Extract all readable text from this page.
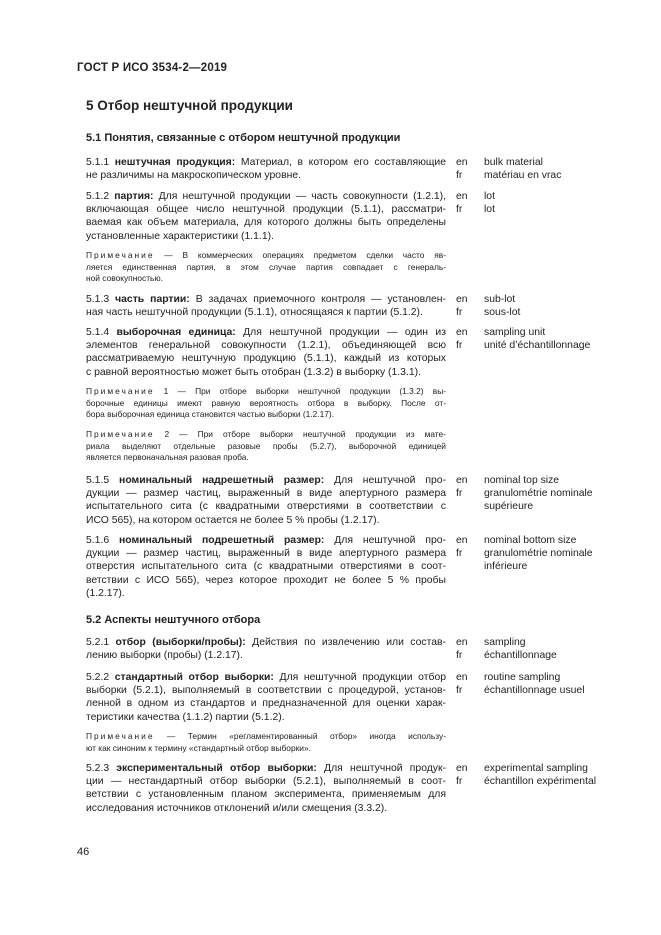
ГОСТ Р ИСО 3534-2—2019
5 Отбор нештучной продукции
5.1 Понятия, связанные с отбором нештучной продукции
5.2 Аспекты нештучного отбора
5.1.1 нештучная продукция: Материал, в котором его составляющие
не различимы на макроскопическом уровне.
en
fr
bulk material
matériau en vrac
5.1.2 партия: Для нештучной продукции — часть совокупности (1.2.1),
включающая общее число нештучной продукции (5.1.1), рассматри-
ваемая как объем материала, для которого должны быть определены
установленные характеристики (1.1.1).
en
fr
lot
lot
5.1.3 часть партии: В задачах приемочного контроля — установлен-
ная часть нештучной продукции (5.1.1), относящаяся к партии (5.1.2).
en
fr
sub-lot
sous-lot
5.1.4 выборочная единица: Для нештучной продукции — один из
элементов генеральной совокупности (1.2.1), объединяющей всю
рассматриваемую нештучную продукцию (5.1.1), каждый из которых
с равной вероятностью может быть отобран (1.3.2) в выборку (1.3.1).
en
fr
sampling unit
unité d’échantillonnage
5.1.5 номинальный надрешетный размер: Для нештучной про-
дукции — размер частиц, выраженный в виде апертурного размера
испытательного сита (с квадратными отверстиями в соответствии с
ИСО 565), на котором остается не более 5 % пробы (1.2.17).
en
fr
nominal top size
granulométrie nominale
supérieure
5.1.6 номинальный подрешетный размер: Для нештучной про-
дукции — размер частиц, выраженный в виде апертурного размера
отверстия испытательного сита (с квадратными отверстиями в соот-
ветствии с ИСО 565), через которое проходит не более 5 % пробы
(1.2.17).
en
fr
nominal bottom size
granulométrie nominale
inférieure
5.2.1 отбор (выборки/пробы): Действия по извлечению или состав-
лению выборки (пробы) (1.2.17).
en
fr
sampling
échantillonnage
5.2.2 стандартный отбор выборки: Для нештучной продукции отбор
выборки (5.2.1), выполняемый в соответствии с процедурой, установ-
ленной в одном из стандартов и предназначенной для оценки харак-
теристики качества (1.1.2) партии (5.1.2).
en
fr
routine sampling
échantillonnage usuel
5.2.3 экспериментальный отбор выборки: Для нештучной продук-
ции — нестандартный отбор выборки (5.2.1), выполняемый в соот-
ветствии с установленным планом эксперимента, применяемым для
исследования источников отклонений и/или смещения (3.3.2).
en
fr
experimental sampling
échantillon expérimental
Примечание — В коммерческих операциях предметом сделки часто яв-
ляется единственная партия, в этом случае партия совпадает с генераль-
ной совокупностью.
Примечание 1 — При отборе выборки нештучной продукции (1.3.2) вы-
борочные единицы имеют равную вероятность отбора в выборку. После от-
бора выборочная единица становится частью выборки (1.2.17).
Примечание 2 — При отборе выборки нештучной продукции из мате-
риала выделяют отдельные разовые пробы (5.2.7), выборочной единицей
является первоначальная разовая проба.
Примечание — Термин «регламентированный отбор» иногда использу-
ют как синоним к термину «стандартный отбор выборки».
46
